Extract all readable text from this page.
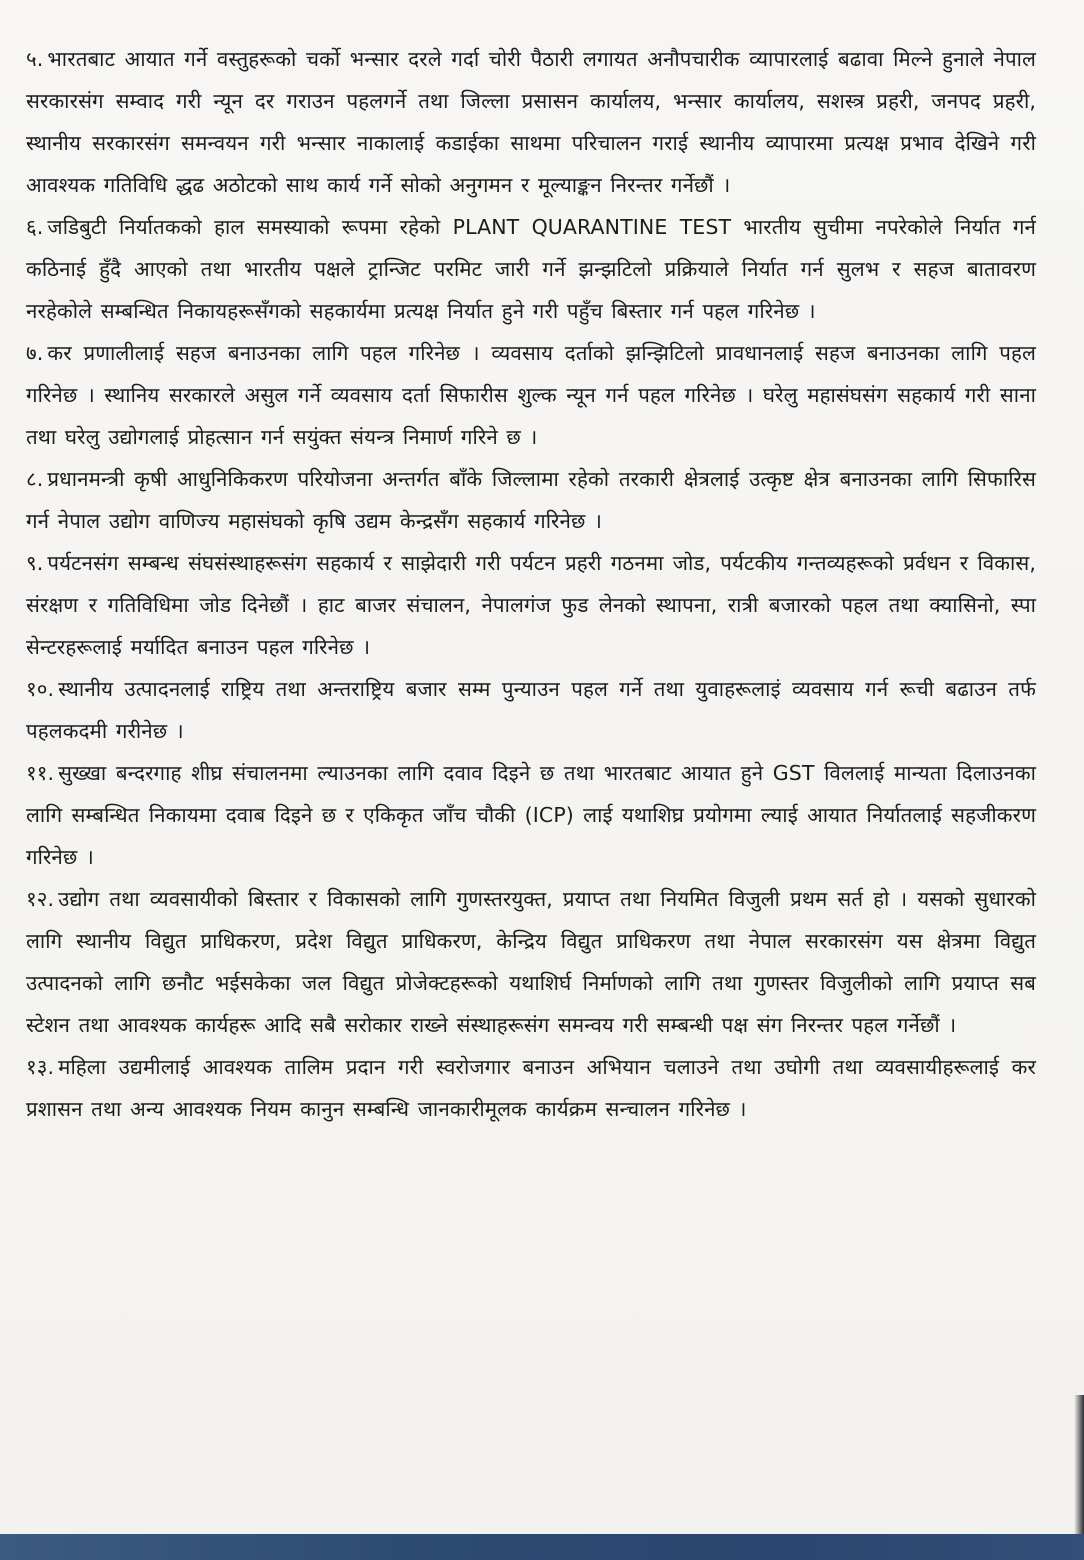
५. भारतबाट आयात गर्ने वस्तुहरूको चर्को भन्सार दरले गर्दा चोरी पैठारी लगायत अनौपचारीक व्यापारलाई बढावा मिल्ने हुनाले नेपाल सरकारसंग सम्वाद गरी न्यून दर गराउन पहलगर्ने तथा जिल्ला प्रसासन कार्यालय, भन्सार कार्यालय, सशस्त्र प्रहरी, जनपद प्रहरी, स्थानीय सरकारसंग समन्वयन गरी भन्सार नाकालाई कडाईका साथमा परिचालन गराई स्थानीय व्यापारमा प्रत्यक्ष प्रभाव देखिने गरी आवश्यक गतिविधि द्धढ अठोटको साथ कार्य गर्ने सोको अनुगमन र मूल्याङ्कन निरन्तर गर्नेछौं ।

६. जडिबुटी निर्यातकको हाल समस्याको रूपमा रहेको PLANT QUARANTINE TEST भारतीय सुचीमा नपरेकोले निर्यात गर्न कठिनाई हुँदै आएको तथा भारतीय पक्षले ट्रान्जिट परमिट जारी गर्ने झन्झटिलो प्रक्रियाले निर्यात गर्न सुलभ र सहज बातावरण नरहेकोले सम्बन्धित निकायहरूसँगको सहकार्यमा प्रत्यक्ष निर्यात हुने गरी पहुँच बिस्तार गर्न पहल गरिनेछ ।

७. कर प्रणालीलाई सहज बनाउनका लागि पहल गरिनेछ । व्यवसाय दर्ताको झन्झिटिलो प्रावधानलाई सहज बनाउनका लागि पहल गरिनेछ । स्थानिय सरकारले असुल गर्ने व्यवसाय दर्ता सिफारीस शुल्क न्यून गर्न पहल गरिनेछ । घरेलु महासंघसंग सहकार्य गरी साना तथा घरेलु उद्योगलाई प्रोहत्सान गर्न सयुंक्त संयन्त्र निमार्ण गरिने छ ।

८. प्रधानमन्त्री कृषी आधुनिकिकरण परियोजना अन्तर्गत बाँके जिल्लामा रहेको तरकारी क्षेत्रलाई उत्कृष्ट क्षेत्र बनाउनका लागि सिफारिस गर्न नेपाल उद्योग वाणिज्य महासंघको कृषि उद्यम केन्द्रसँग सहकार्य गरिनेछ ।

९. पर्यटनसंग सम्बन्ध संघसंस्थाहरूसंग सहकार्य र साझेदारी गरी पर्यटन प्रहरी गठनमा जोड, पर्यटकीय गन्तव्यहरूको प्रर्वधन र विकास, संरक्षण र गतिविधिमा जोड दिनेछौं । हाट बाजर संचालन, नेपालगंज फुड लेनको स्थापना, रात्री बजारको पहल तथा क्यासिनो, स्पा सेन्टरहरूलाई मर्यादित बनाउन पहल गरिनेछ ।

१०. स्थानीय उत्पादनलाई राष्ट्रिय तथा अन्तराष्ट्रिय बजार सम्म पुन्याउन पहल गर्ने तथा युवाहरूलाइं व्यवसाय गर्न रूची बढाउन तर्फ पहलकदमी गरीनेछ ।

११. सुख्खा बन्दरगाह शीघ्र संचालनमा ल्याउनका लागि दवाव दिइने छ तथा भारतबाट आयात हुने GST विललाई मान्यता दिलाउनका लागि सम्बन्धित निकायमा दवाब दिइने छ र एकिकृत जाँच चौकी (ICP) लाई यथाशिघ्र प्रयोगमा ल्याई आयात निर्यातलाई सहजीकरण गरिनेछ ।

१२. उद्योग तथा व्यवसायीको बिस्तार र विकासको लागि गुणस्तरयुक्त, प्रयाप्त तथा नियमित विजुली प्रथम सर्त हो । यसको सुधारको लागि स्थानीय विद्युत प्राधिकरण, प्रदेश विद्युत प्राधिकरण, केन्द्रिय विद्युत प्राधिकरण तथा नेपाल सरकारसंग यस क्षेत्रमा विद्युत उत्पादनको लागि छनौट भईसकेका जल विद्युत प्रोजेक्टहरूको यथाशिर्घ निर्माणको लागि तथा गुणस्तर विजुलीको लागि प्रयाप्त सब स्टेशन तथा आवश्यक कार्यहरू आदि सबै सरोकार राख्ने संस्थाहरूसंग समन्वय गरी सम्बन्धी पक्ष संग निरन्तर पहल गर्नेछौं ।

१३. महिला उद्यमीलाई आवश्यक तालिम प्रदान गरी स्वरोजगार बनाउन अभियान चलाउने तथा उघोगी तथा व्यवसायीहरूलाई कर प्रशासन तथा अन्य आवश्यक नियम कानुन सम्बन्धि जानकारीमूलक कार्यक्रम सन्चालन गरिनेछ ।
